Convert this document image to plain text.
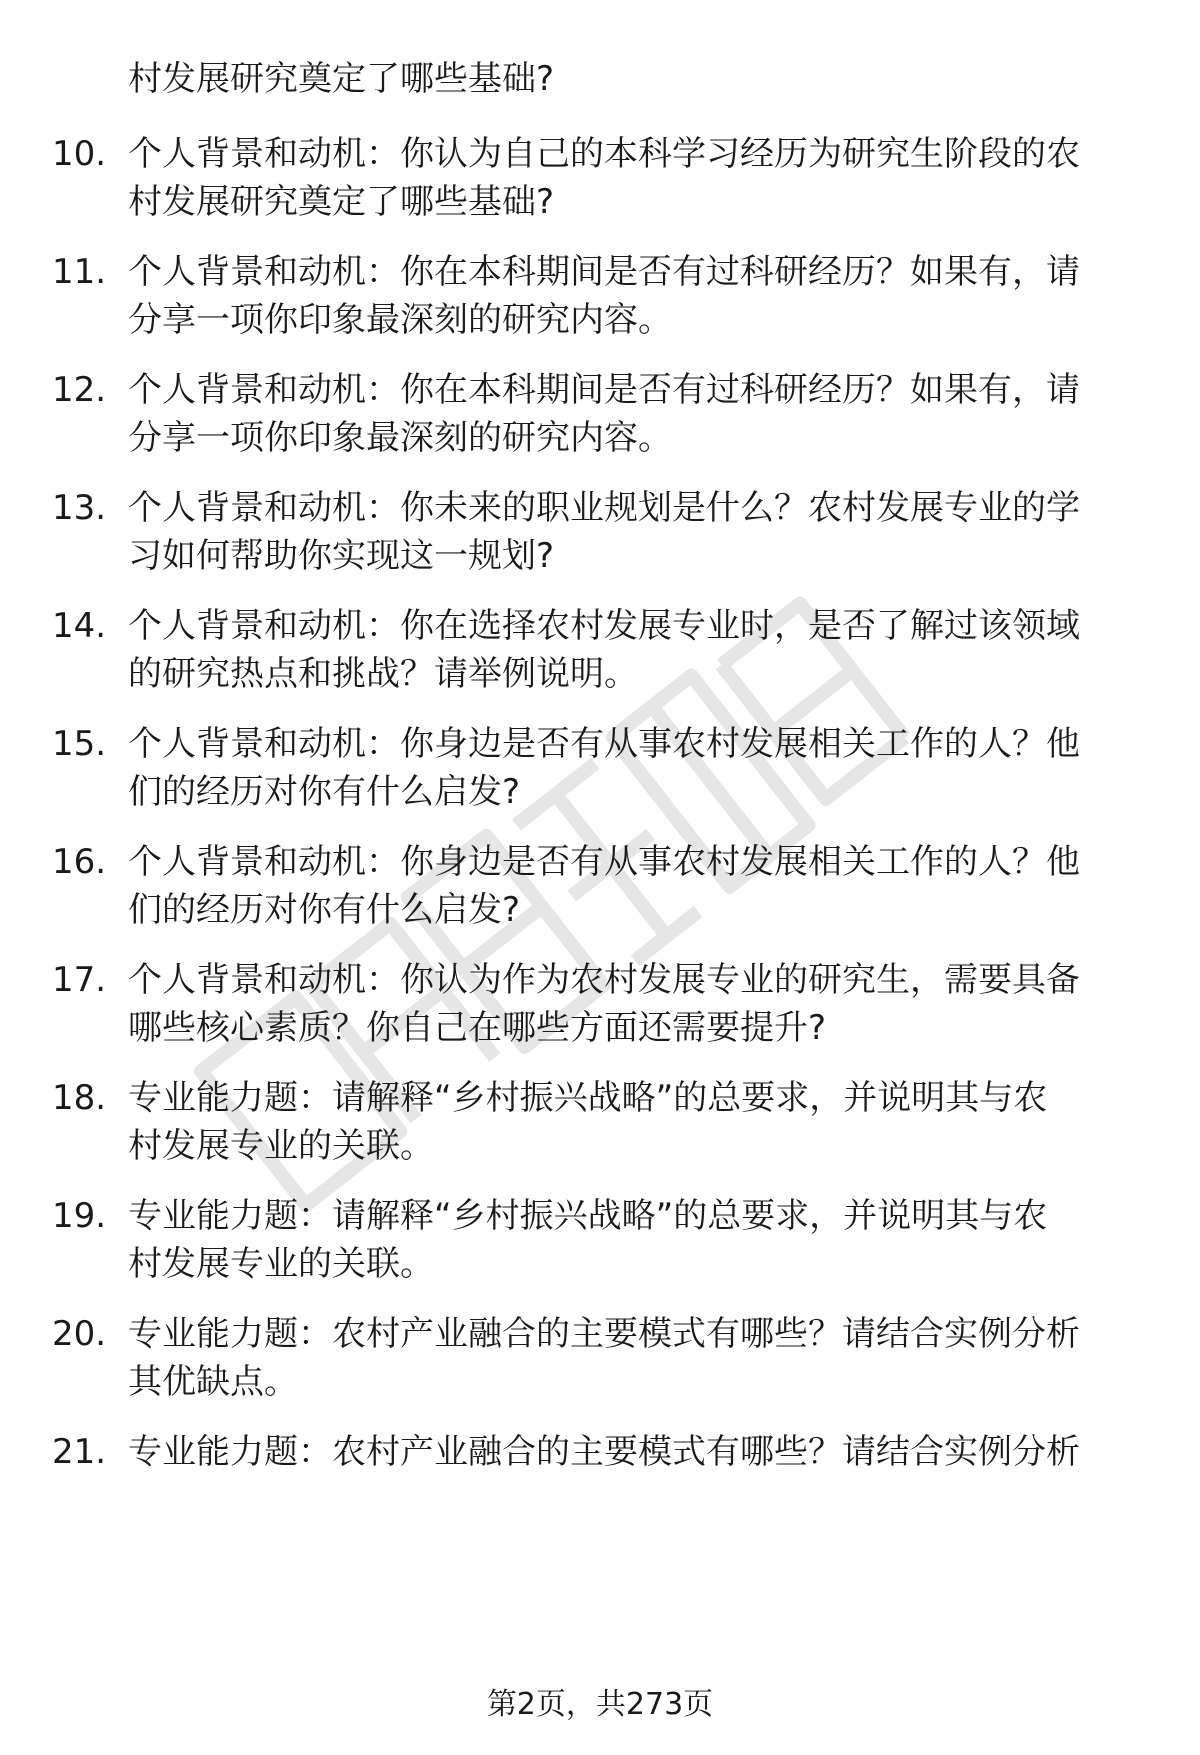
村发展研究奠定了哪些基础?
10. 个人背景和动机：你认为自己的本科学习经历为研究生阶段的农
村发展研究奠定了哪些基础?
11. 个人背景和动机：你在本科期间是否有过科研经历？如果有，请
分享一项你印象最深刻的研究内容。
12. 个人背景和动机：你在本科期间是否有过科研经历？如果有，请
分享一项你印象最深刻的研究内容。
13. 个人背景和动机：你未来的职业规划是什么？农村发展专业的学
习如何帮助你实现这一规划?
14. 个人背景和动机：你在选择农村发展专业时，是否了解过该领域
的研究热点和挑战？请举例说明。
15. 个人背景和动机：你身边是否有从事农村发展相关工作的人？他
们的经历对你有什么启发?
16. 个人背景和动机：你身边是否有从事农村发展相关工作的人？他
们的经历对你有什么启发?
17. 个人背景和动机：你认为作为农村发展专业的研究生，需要具备
哪些核心素质？你自己在哪些方面还需要提升?
18. 专业能力题：请解释“乡村振兴战略”的总要求，并说明其与农
村发展专业的关联。
19. 专业能力题：请解释“乡村振兴战略”的总要求，并说明其与农
村发展专业的关联。
20. 专业能力题：农村产业融合的主要模式有哪些？请结合实例分析
其优缺点。
21. 专业能力题：农村产业融合的主要模式有哪些？请结合实例分析
第2页，共273页
